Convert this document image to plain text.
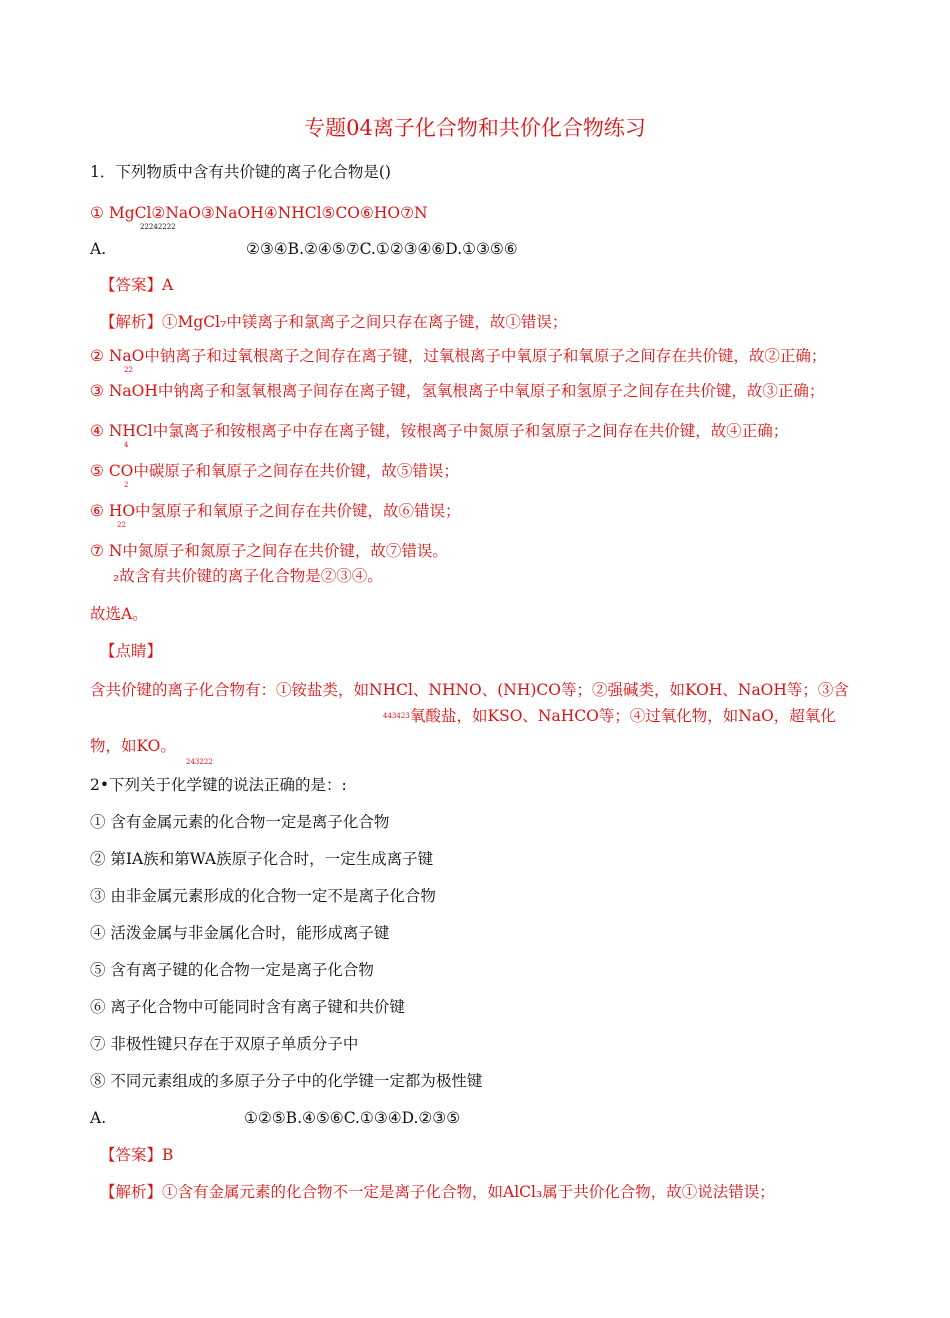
专题04离子化合物和共价化合物练习
1．下列物质中含有共价键的离子化合物是()
① MgCl②NaO③NaOH④NHCl⑤CO⑥HO⑦N
22242222
A.	②③④B.②④⑤⑦C.①②③④⑥D.①③⑤⑥
【答案】A
【解析】①MgCl₇中镁离子和氯离子之间只存在离子键，故①错误；
② NaO中钠离子和过氧根离子之间存在离子键，过氧根离子中氧原子和氧原子之间存在共价键，故②正确；
22
③ NaOH中钠离子和氢氧根离子间存在离子键，氢氧根离子中氧原子和氢原子之间存在共价键，故③正确；
④ NHCl中氯离子和铵根离子中存在离子键，铵根离子中氮原子和氢原子之间存在共价键，故④正确；
4
⑤ CO中碳原子和氧原子之间存在共价键，故⑤错误；
2
⑥ HO中氢原子和氧原子之间存在共价键，故⑥错误；
22
⑦ N中氮原子和氮原子之间存在共价键，故⑦错误。
₂故含有共价键的离子化合物是②③④。
故选A。
【点睛】
含共价键的离子化合物有：①铵盐类，如NHCl、NHNO、(NH)CO等；②强碱类，如KOH、NaOH等；③含
443423 氧酸盐，如KSO、NaHCO等；④过氧化物，如NaO，超氧化
物，如KO。
243222
2•下列关于化学键的说法正确的是：:
① 含有金属元素的化合物一定是离子化合物
② 第IA族和第WA族原子化合时，一定生成离子键
③ 由非金属元素形成的化合物一定不是离子化合物
④ 活泼金属与非金属化合时，能形成离子键
⑤ 含有离子键的化合物一定是离子化合物
⑥ 离子化合物中可能同时含有离子键和共价键
⑦ 非极性键只存在于双原子单质分子中
⑧ 不同元素组成的多原子分子中的化学键一定都为极性键
A.	①②⑤B.④⑤⑥C.①③④D.②③⑤
【答案】B
【解析】①含有金属元素的化合物不一定是离子化合物，如AlCl₃属于共价化合物，故①说法错误；
